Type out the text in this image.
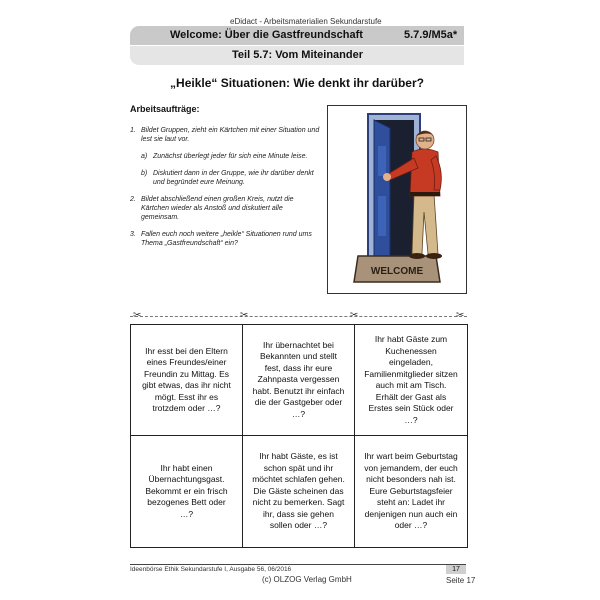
eDidact - Arbeitsmaterialien Sekundarstufe
Welcome: Über die Gastfreundschaft	5.7.9/M5a*
Teil 5.7: Vom Miteinander
„Heikle“ Situationen: Wie denkt ihr darüber?
Arbeitsaufträge:
1. Bildet Gruppen, zieht ein Kärtchen mit einer Situation und lest sie laut vor.
a) Zunächst überlegt jeder für sich eine Minute leise.
b) Diskutiert dann in der Gruppe, wie ihr darüber denkt und begründet eure Meinung.
2. Bildet abschließend einen großen Kreis, nutzt die Kärtchen wieder als Anstoß und diskutiert alle gemeinsam.
3. Fallen euch noch weitere „heikle“ Situationen rund ums Thema „Gastfreundschaft“ ein?
WELCOME
✂	✂	✂	✂
Ihr esst bei den Eltern eines Freundes/einer Freundin zu Mittag. Es gibt etwas, das ihr nicht mögt. Esst ihr es trotzdem oder …?
Ihr übernachtet bei Bekannten und stellt fest, dass ihr eure Zahnpasta vergessen habt. Benutzt ihr einfach die der Gastgeber oder …?
Ihr habt Gäste zum Kuchenessen eingeladen, Familienmitglieder sitzen auch mit am Tisch. Erhält der Gast als Erstes sein Stück oder …?
Ihr habt einen Übernachtungsgast. Bekommt er ein frisch bezogenes Bett oder …?
Ihr habt Gäste, es ist schon spät und ihr möchtet schlafen gehen. Die Gäste scheinen das nicht zu bemerken. Sagt ihr, dass sie gehen sollen oder …?
Ihr wart beim Geburtstag von jemandem, der euch nicht besonders nah ist. Eure Geburtstagsfeier steht an: Ladet ihr denjenigen nun auch ein oder …?
Ideenbörse Ethik Sekundarstufe I, Ausgabe 56, 06/2016
(c) OLZOG Verlag GmbH
17
Seite 17
